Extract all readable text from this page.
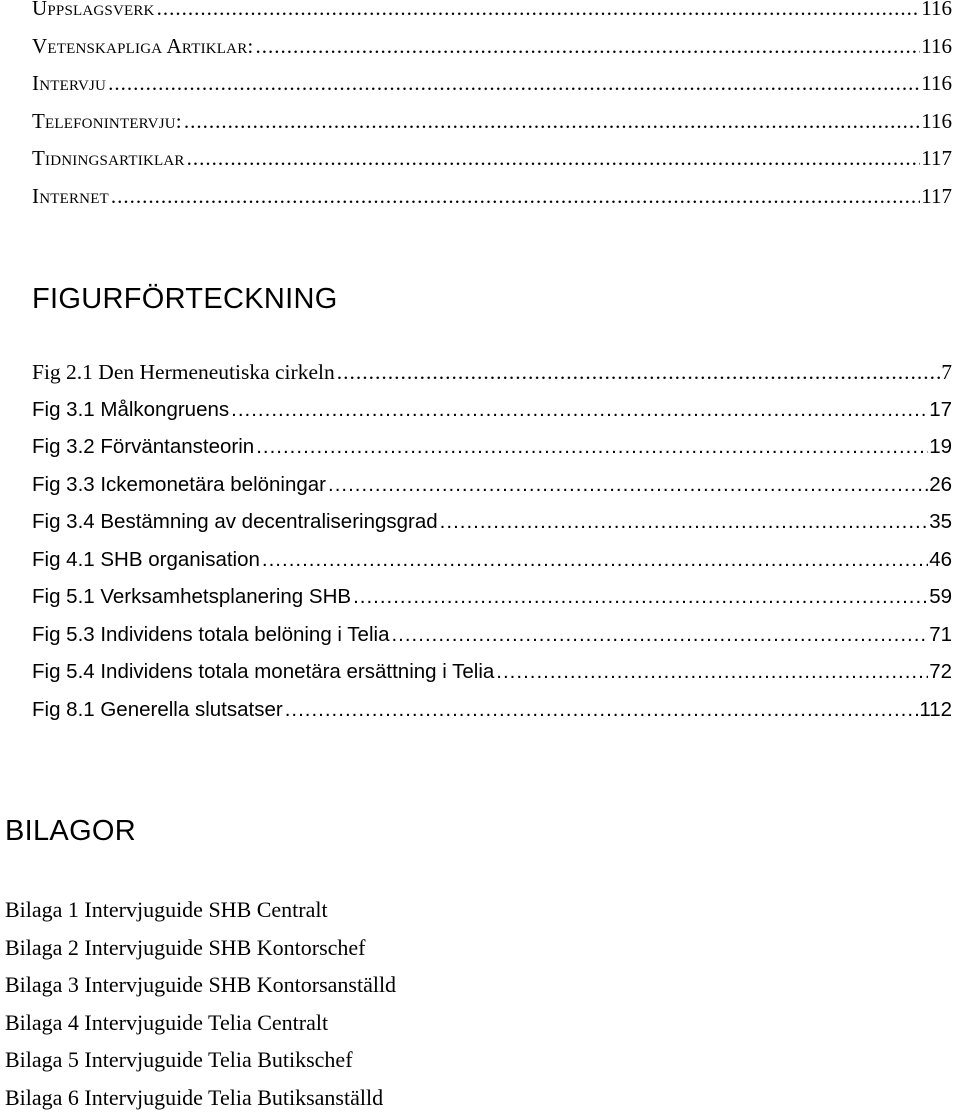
Uppslagsverk .....	116
Vetenskapliga Artiklar: .....	116
Intervju .....	116
Telefonintervju: .....	116
Tidningsartiklar .....	117
Internet .....	117
FIGURFÖRTECKNING
Fig 2.1 Den Hermeneutiska cirkeln .....	7
Fig 3.1 Målkongruens .....	17
Fig 3.2 Förväntansteorin .....	19
Fig 3.3 Ickemonetära belöningar .....	26
Fig 3.4 Bestämning av decentraliseringsgrad .....	35
Fig 4.1 SHB organisation .....	46
Fig 5.1 Verksamhetsplanering SHB .....	59
Fig 5.3 Individens totala belöning i Telia .....	71
Fig 5.4 Individens totala monetära ersättning i Telia .....	72
Fig 8.1 Generella slutsatser .....	112
BILAGOR
Bilaga 1 Intervjuguide SHB Centralt
Bilaga 2 Intervjuguide SHB Kontorschef
Bilaga 3 Intervjuguide SHB Kontorsanställd
Bilaga 4 Intervjuguide Telia Centralt
Bilaga 5 Intervjuguide Telia Butikschef
Bilaga 6 Intervjuguide Telia Butiksanställd
